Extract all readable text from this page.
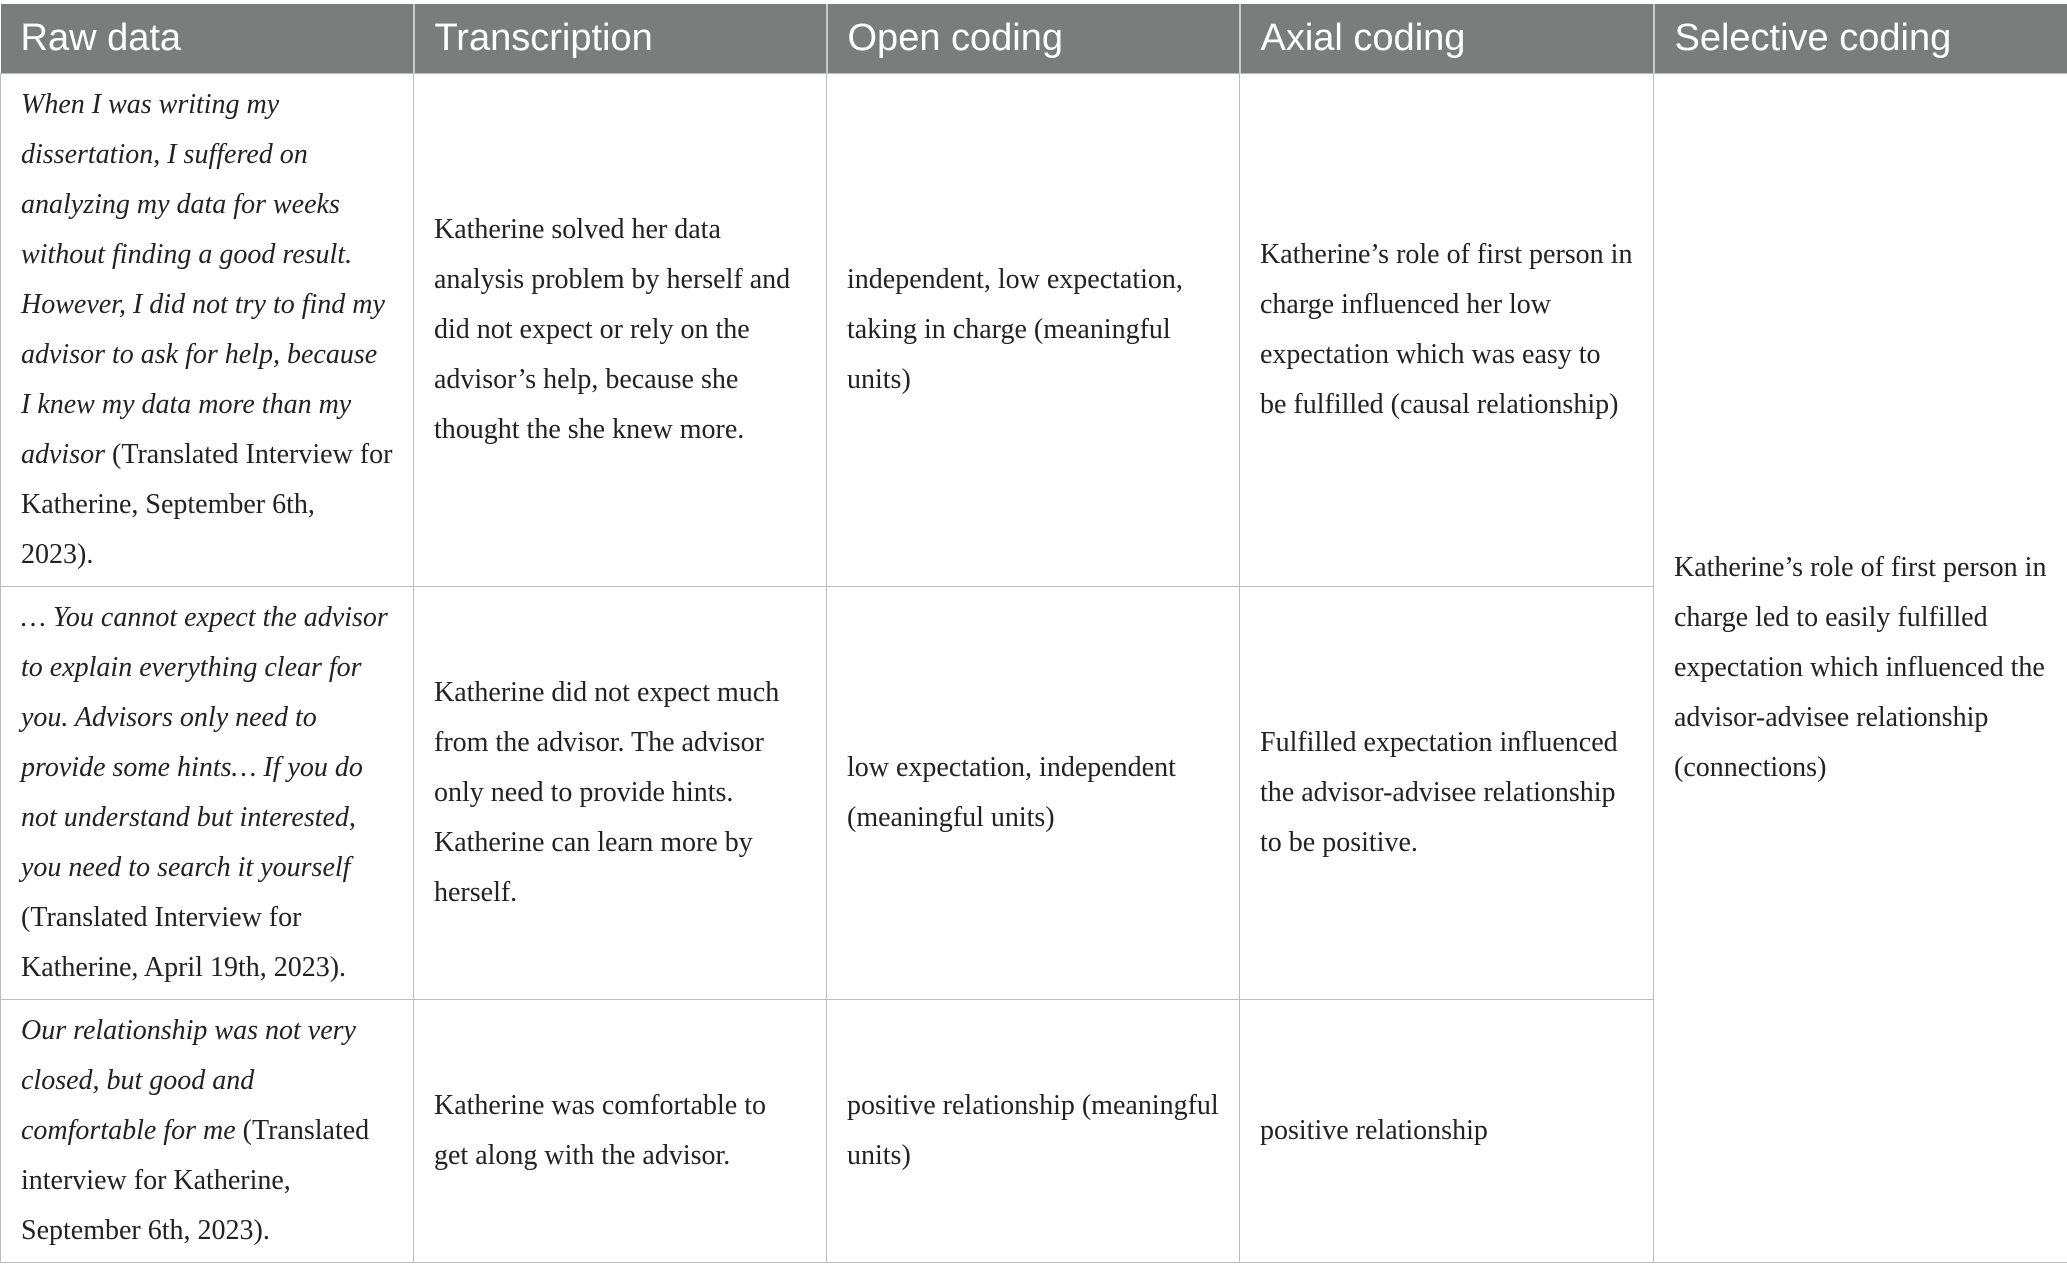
Raw data	Transcription	Open coding	Axial coding	Selective coding
When I was writing my dissertation, I suffered on analyzing my data for weeks without finding a good result. However, I did not try to find my advisor to ask for help, because I knew my data more than my advisor (Translated Interview for Katherine, September 6th, 2023).	Katherine solved her data analysis problem by herself and did not expect or rely on the advisor’s help, because she thought the she knew more.	independent, low expectation, taking in charge (meaningful units)	Katherine’s role of first person in charge influenced her low expectation which was easy to be fulfilled (causal relationship)	Katherine’s role of first person in charge led to easily fulfilled expectation which influenced the advisor-advisee relationship (connections)
… You cannot expect the advisor to explain everything clear for you. Advisors only need to provide some hints… If you do not understand but interested, you need to search it yourself (Translated Interview for Katherine, April 19th, 2023).	Katherine did not expect much from the advisor. The advisor only need to provide hints. Katherine can learn more by herself.	low expectation, independent (meaningful units)	Fulfilled expectation influenced the advisor-advisee relationship to be positive.	
Our relationship was not very closed, but good and comfortable for me (Translated interview for Katherine, September 6th, 2023).	Katherine was comfortable to get along with the advisor.	positive relationship (meaningful units)	positive relationship	
